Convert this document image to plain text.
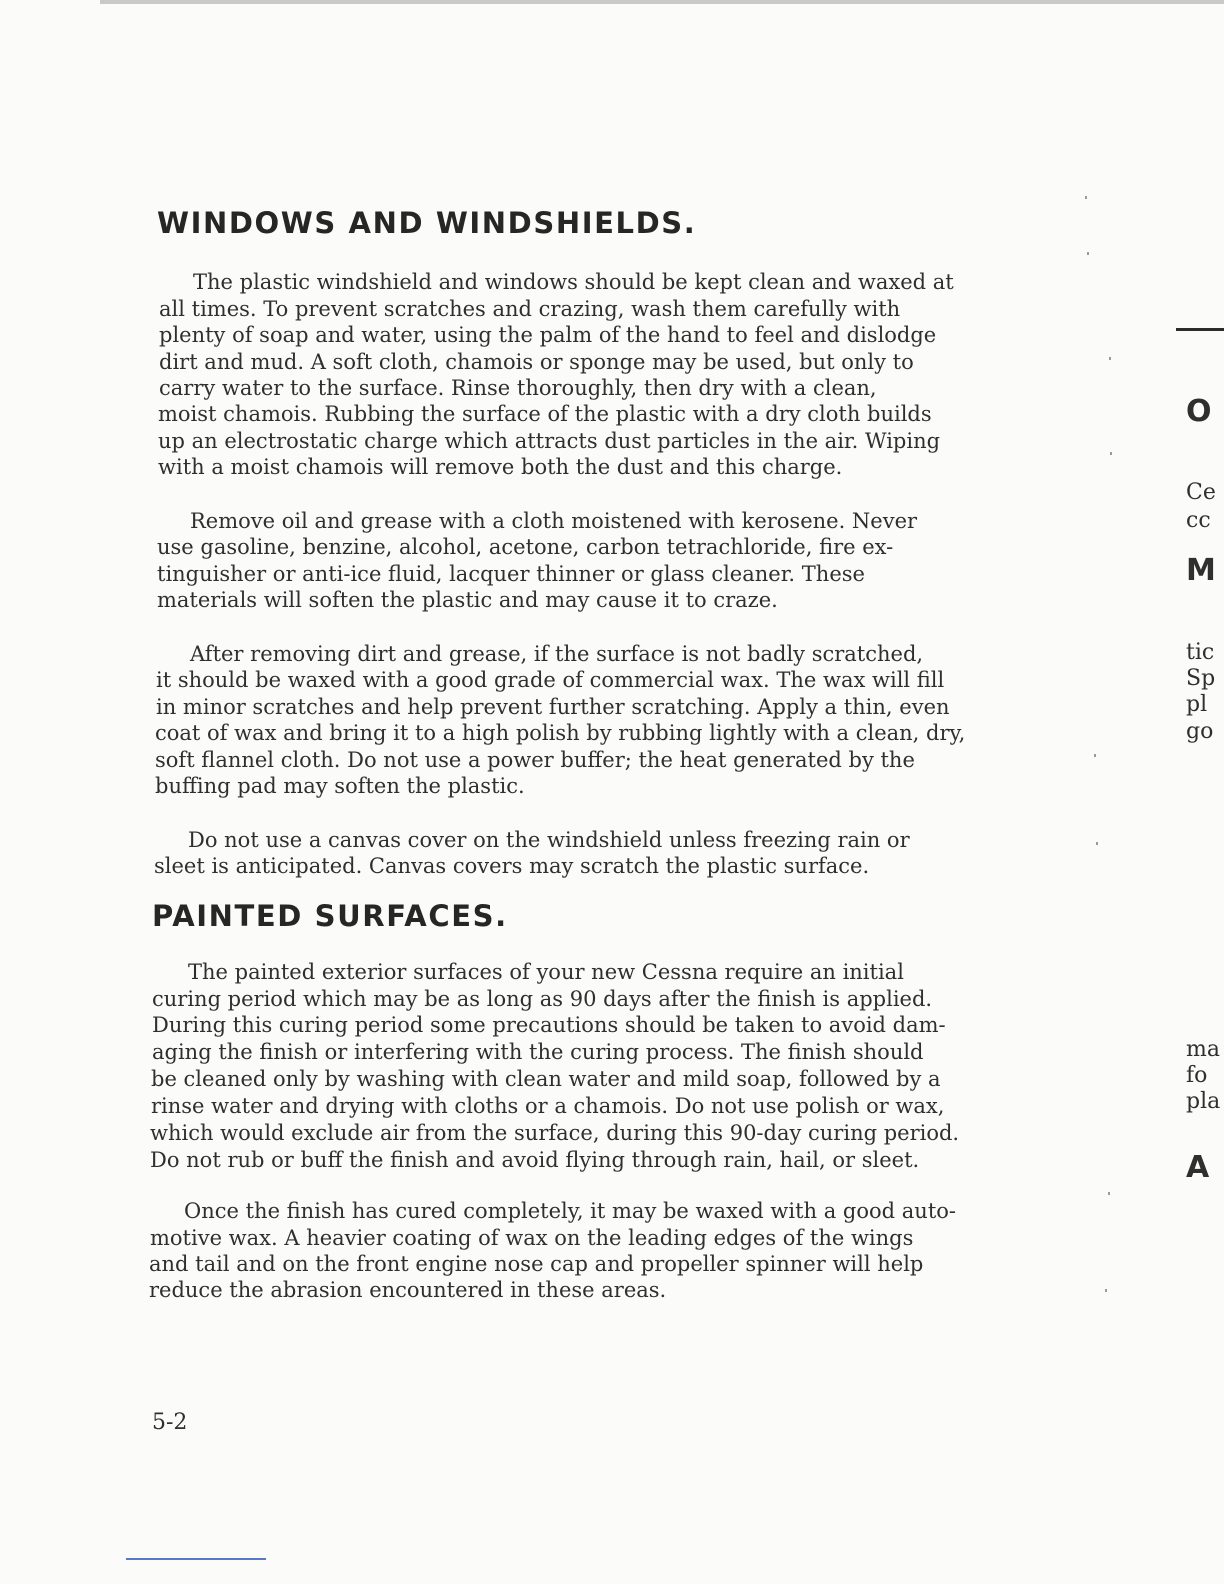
WINDOWS AND WINDSHIELDS.
The plastic windshield and windows should be kept clean and waxed at
all times. To prevent scratches and crazing, wash them carefully with
plenty of soap and water, using the palm of the hand to feel and dislodge
dirt and mud. A soft cloth, chamois or sponge may be used, but only to
carry water to the surface. Rinse thoroughly, then dry with a clean,
moist chamois. Rubbing the surface of the plastic with a dry cloth builds
up an electrostatic charge which attracts dust particles in the air. Wiping
with a moist chamois will remove both the dust and this charge.
Remove oil and grease with a cloth moistened with kerosene. Never
use gasoline, benzine, alcohol, acetone, carbon tetrachloride, fire ex-
tinguisher or anti-ice fluid, lacquer thinner or glass cleaner. These
materials will soften the plastic and may cause it to craze.
After removing dirt and grease, if the surface is not badly scratched,
it should be waxed with a good grade of commercial wax. The wax will fill
in minor scratches and help prevent further scratching. Apply a thin, even
coat of wax and bring it to a high polish by rubbing lightly with a clean, dry,
soft flannel cloth. Do not use a power buffer; the heat generated by the
buffing pad may soften the plastic.
Do not use a canvas cover on the windshield unless freezing rain or
sleet is anticipated. Canvas covers may scratch the plastic surface.
PAINTED SURFACES.
The painted exterior surfaces of your new Cessna require an initial
curing period which may be as long as 90 days after the finish is applied.
During this curing period some precautions should be taken to avoid dam-
aging the finish or interfering with the curing process. The finish should
be cleaned only by washing with clean water and mild soap, followed by a
rinse water and drying with cloths or a chamois. Do not use polish or wax,
which would exclude air from the surface, during this 90-day curing period.
Do not rub or buff the finish and avoid flying through rain, hail, or sleet.
Once the finish has cured completely, it may be waxed with a good auto-
motive wax. A heavier coating of wax on the leading edges of the wings
and tail and on the front engine nose cap and propeller spinner will help
reduce the abrasion encountered in these areas.
5-2
O
Ce
cc
M
tic
Sp
pl
go
ma
fo
pla
A
